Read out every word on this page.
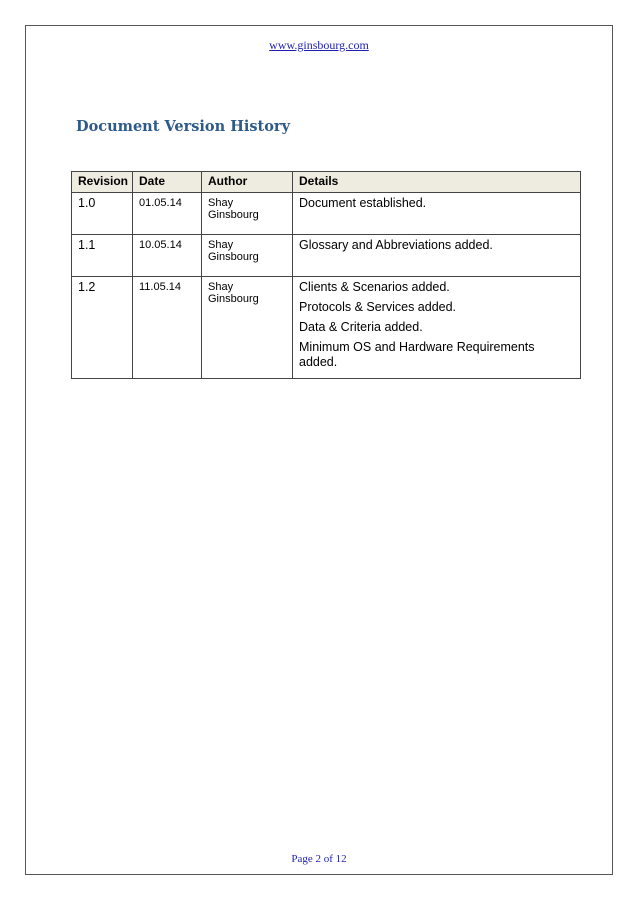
www.ginsbourg.com
Document Version History
Revision	Date	Author	Details
1.0	01.05.14	Shay Ginsbourg	Document established.

1.1	10.05.14	Shay Ginsbourg	Glossary and Abbreviations added.

1.2	11.05.14	Shay Ginsbourg	Clients & Scenarios added.
Protocols & Services added.
Data & Criteria added.
Minimum OS and Hardware Requirements added.
Page 2 of 12
